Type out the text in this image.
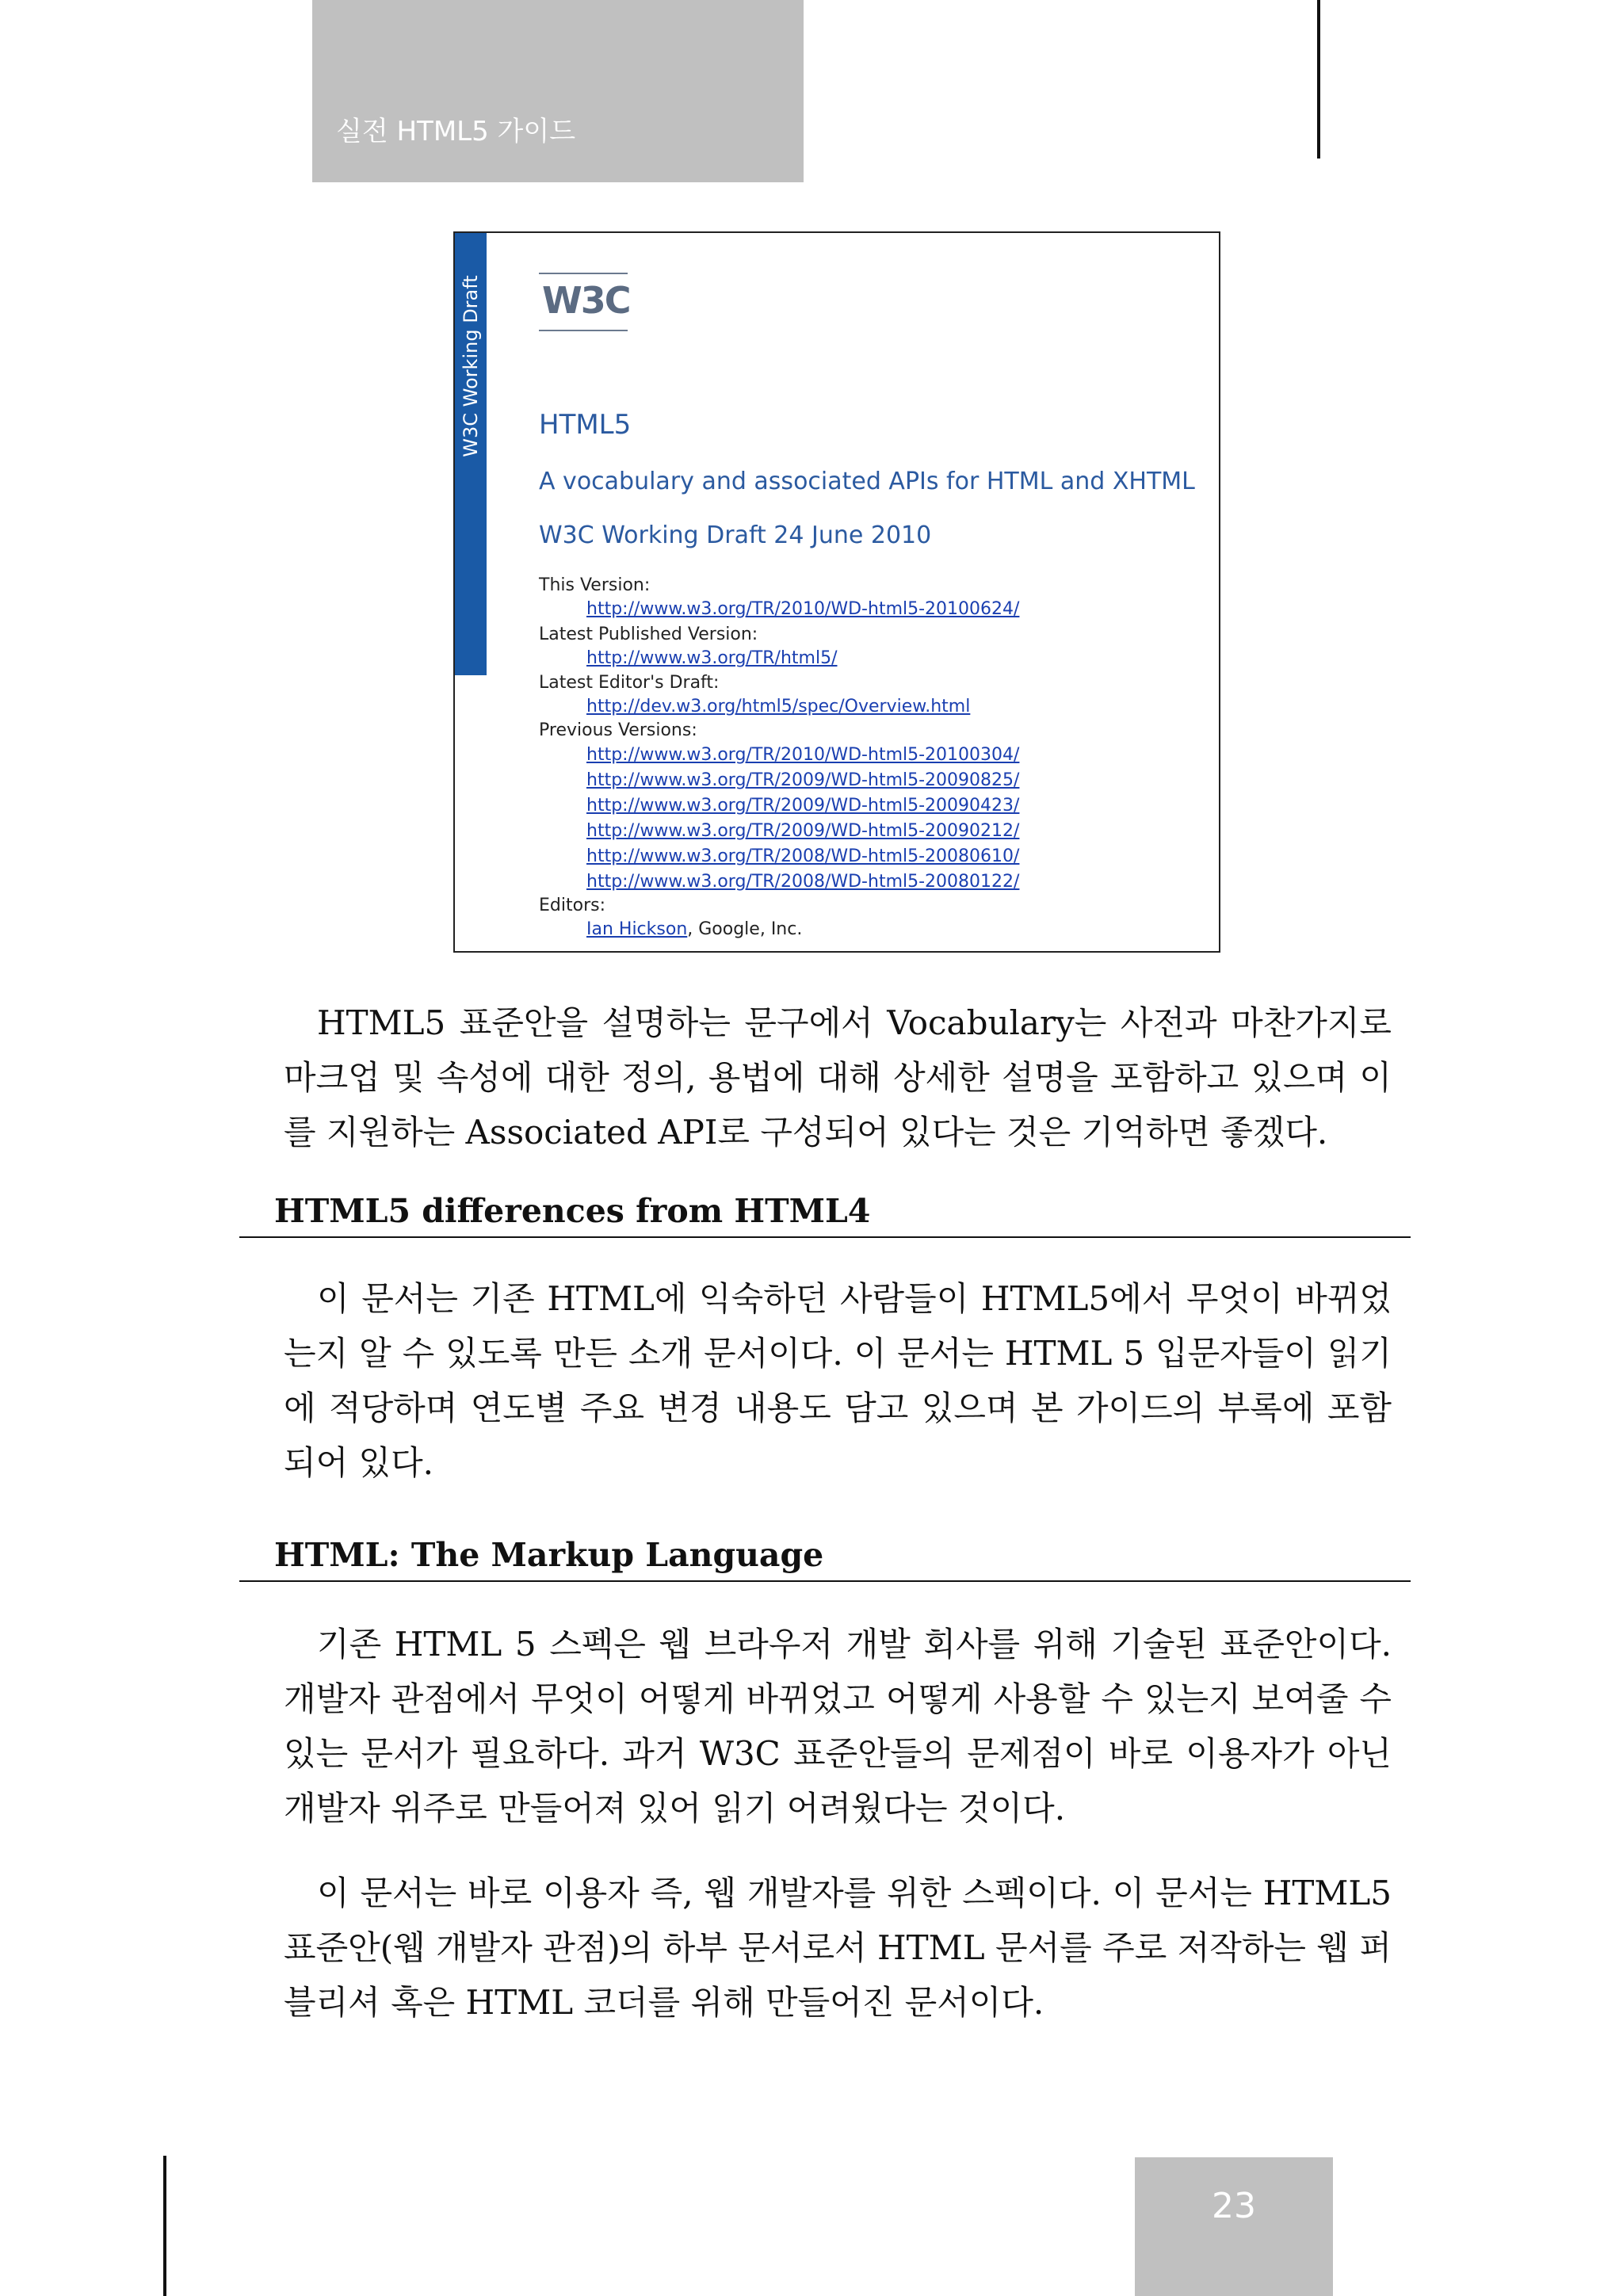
실전 HTML5 가이드
W3C Working Draft W3C
HTML5
A vocabulary and associated APIs for HTML and XHTML
W3C Working Draft 24 June 2010
This Version:
http://www.w3.org/TR/2010/WD-html5-20100624/
Latest Published Version:
http://www.w3.org/TR/html5/
Latest Editor's Draft:
http://dev.w3.org/html5/spec/Overview.html
Previous Versions:
http://www.w3.org/TR/2010/WD-html5-20100304/
http://www.w3.org/TR/2009/WD-html5-20090825/
http://www.w3.org/TR/2009/WD-html5-20090423/
http://www.w3.org/TR/2009/WD-html5-20090212/
http://www.w3.org/TR/2008/WD-html5-20080610/
http://www.w3.org/TR/2008/WD-html5-20080122/
Editors:
Ian Hickson, Google, Inc.
HTML5 표준안을 설명하는 문구에서 Vocabulary는 사전과 마찬가지로 마크업 및 속성에 대한 정의, 용법에 대해 상세한 설명을 포함하고 있으며 이를 지원하는 Associated API로 구성되어 있다는 것은 기억하면 좋겠다.
HTML5 differences from HTML4
이 문서는 기존 HTML에 익숙하던 사람들이 HTML5에서 무엇이 바뀌었는지 알 수 있도록 만든 소개 문서이다. 이 문서는 HTML 5 입문자들이 읽기에 적당하며 연도별 주요 변경 내용도 담고 있으며 본 가이드의 부록에 포함되어 있다.
HTML: The Markup Language
기존 HTML 5 스펙은 웹 브라우저 개발 회사를 위해 기술된 표준안이다. 개발자 관점에서 무엇이 어떻게 바뀌었고 어떻게 사용할 수 있는지 보여줄 수 있는 문서가 필요하다. 과거 W3C 표준안들의 문제점이 바로 이용자가 아닌 개발자 위주로 만들어져 있어 읽기 어려웠다는 것이다.
이 문서는 바로 이용자 즉, 웹 개발자를 위한 스펙이다. 이 문서는 HTML5 표준안(웹 개발자 관점)의 하부 문서로서 HTML 문서를 주로 저작하는 웹 퍼블리셔 혹은 HTML 코더를 위해 만들어진 문서이다.
23
